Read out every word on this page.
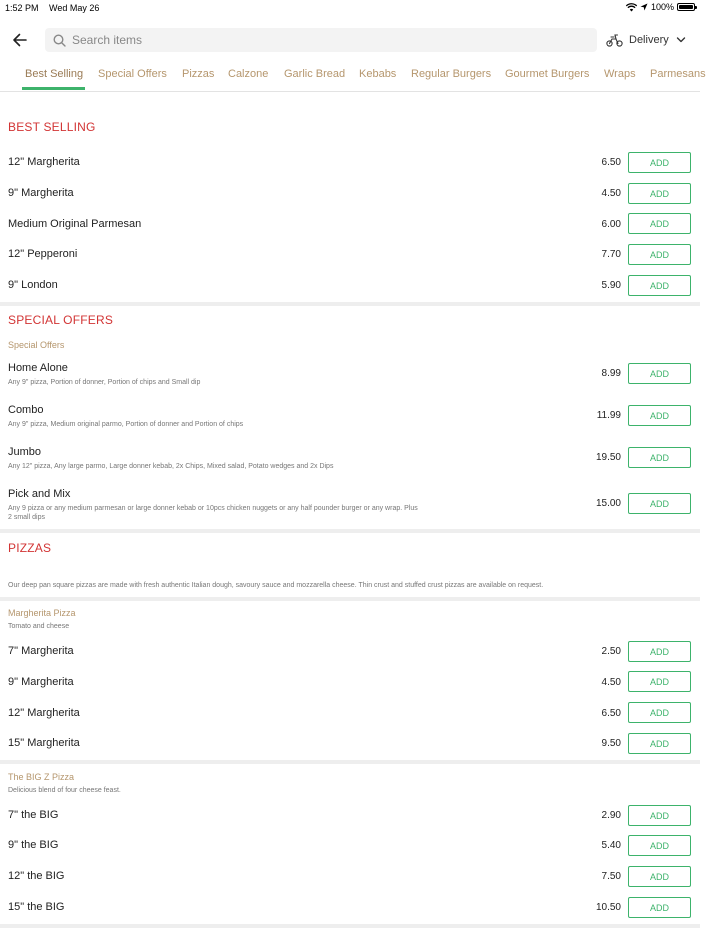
1:52 PM Wed May 26	100%
Search items
Delivery
Best Selling Special Offers Pizzas Calzone Garlic Bread Kebabs Regular Burgers Gourmet Burgers Wraps Parmesans
BEST SELLING
12" Margherita	6.50	ADD
9" Margherita	4.50	ADD
Medium Original Parmesan	6.00	ADD
12" Pepperoni	7.70	ADD
9" London	5.90	ADD
SPECIAL OFFERS
Special Offers
Home Alone
Any 9" pizza, Portion of donner, Portion of chips and Small dip
8.99	ADD
Combo
Any 9" pizza, Medium original parmo, Portion of donner and Portion of chips
11.99	ADD
Jumbo
Any 12" pizza, Any large parmo, Large donner kebab, 2x Chips, Mixed salad, Potato wedges and 2x Dips
19.50	ADD
Pick and Mix
Any 9 pizza or any medium parmesan or large donner kebab or 10pcs chicken nuggets or any half pounder burger or any wrap. Plus 2 small dips
15.00	ADD
PIZZAS
Our deep pan square pizzas are made with fresh authentic Italian dough, savoury sauce and mozzarella cheese. Thin crust and stuffed crust pizzas are available on request.
Margherita Pizza
Tomato and cheese
7" Margherita	2.50	ADD
9" Margherita	4.50	ADD
12" Margherita	6.50	ADD
15" Margherita	9.50	ADD
The BIG Z Pizza
Delicious blend of four cheese feast.
7" the BIG	2.90	ADD
9" the BIG	5.40	ADD
12" the BIG	7.50	ADD
15" the BIG	10.50	ADD
